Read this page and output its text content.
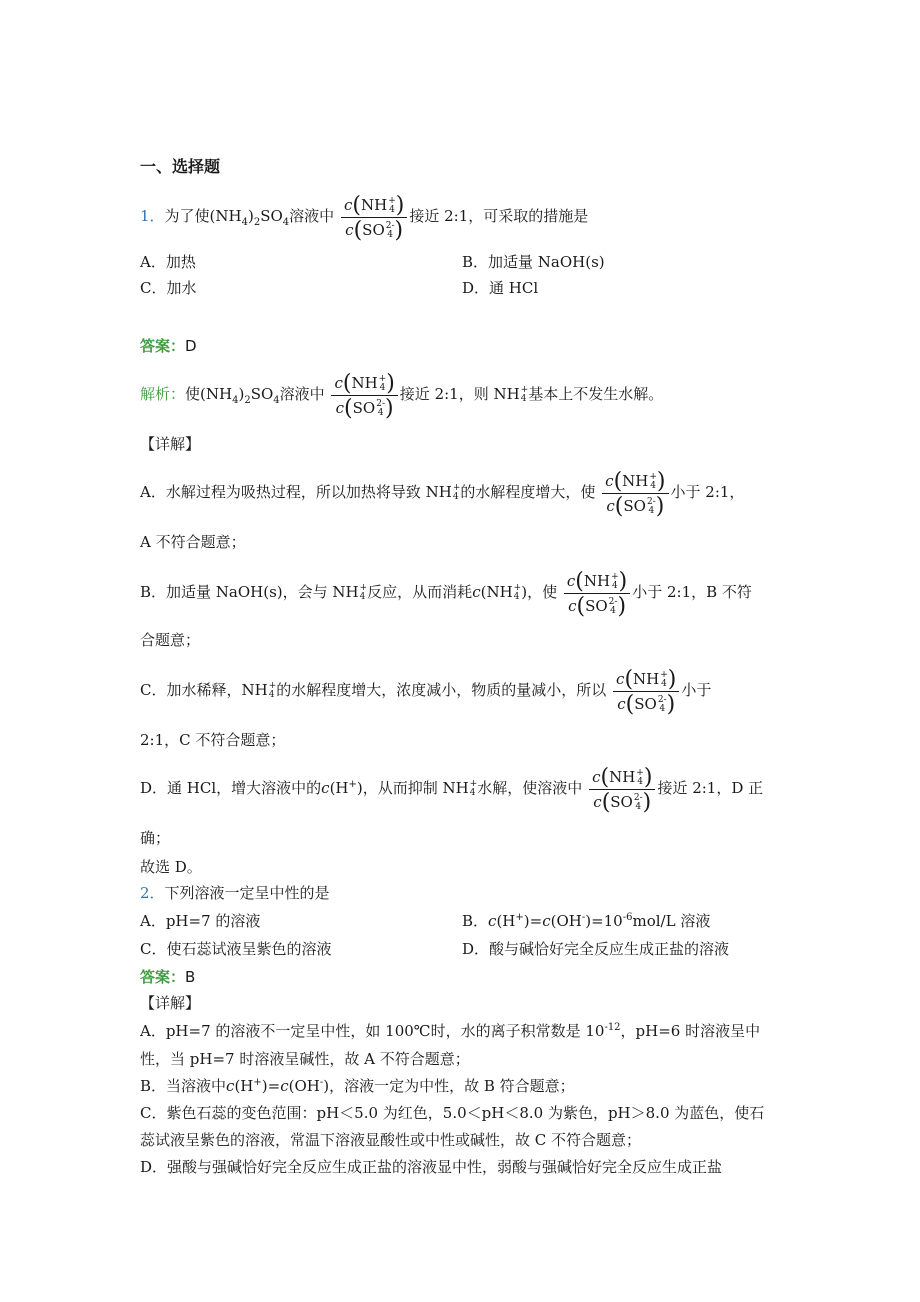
一、选择题
1．为了使$(NH_4)_2SO_4$溶液中 c(NH +
4 )
c(SO 2-
4 ) 接近 2:1，可采取的措施是
A．加热	B．加适量 NaOH(s)
C．加水	D．通 HCl
答案：D
解析：使$(NH_4)_2SO_4$溶液中 c(NH +
4 )
c(SO 2-
4 ) 接近 2:1，则 NH +
4 基本上不发生水解。
【详解】
A．水解过程为吸热过程，所以加热将导致 NH +
4 的水解程度增大，使 c(NH +
4 )
c(SO 2-
4 ) 小于 2:1，
A 不符合题意；
B．加适量 NaOH(s)，会与 NH +
4 反应，从而消耗c(NH +
4 )，使 c(NH +
4 )
c(SO 2-
4 ) 小于 2:1，B 不符
合题意；
C．加水稀释，NH +
4 的水解程度增大，浓度减小，物质的量减小，所以 c(NH +
4 )
c(SO 2-
4 ) 小于
2:1，C 不符合题意；
D．通 HCl，增大溶液中的c(H+)，从而抑制 NH +
4 水解，使溶液中 c(NH +
4 )
c(SO 2-
4 ) 接近 2:1，D 正
确；
故选 D。
2．下列溶液一定呈中性的是
A．pH=7 的溶液	B．$c(H^+)=c(OH^-)=10^{-6}mol/L$ 溶液
C．使石蕊试液呈紫色的溶液	D．酸与碱恰好完全反应生成正盐的溶液
答案：B
【详解】
A．pH=7 的溶液不一定呈中性，如 100℃时，水的离子积常数是 $10^{-12}$，pH=6 时溶液呈中
性，当 pH=7 时溶液呈碱性，故 A 不符合题意；
B．当溶液中c(H+)=c(OH-)，溶液一定为中性，故 B 符合题意；
C．紫色石蕊的变色范围：pH＜5.0 为红色，5.0＜pH＜8.0 为紫色，pH＞8.0 为蓝色，使石
蕊试液呈紫色的溶液，常温下溶液显酸性或中性或碱性，故 C 不符合题意；
D．强酸与强碱恰好完全反应生成正盐的溶液显中性，弱酸与强碱恰好完全反应生成正盐
